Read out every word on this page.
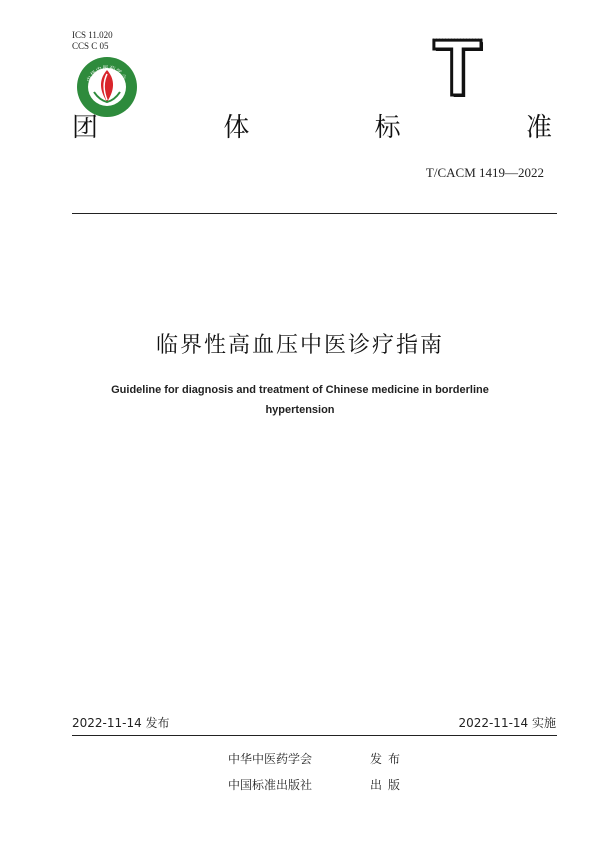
ICS 11.020
CCS C 05
中华中医药学会	T
团	体	标	准
T/CACM 1419—2022
临界性高血压中医诊疗指南
Guideline for diagnosis and treatment of Chinese medicine in borderline hypertension
2022-11-14 发布	2022-11-14 实施
中华中医药学会	发布
中国标准出版社	出版
